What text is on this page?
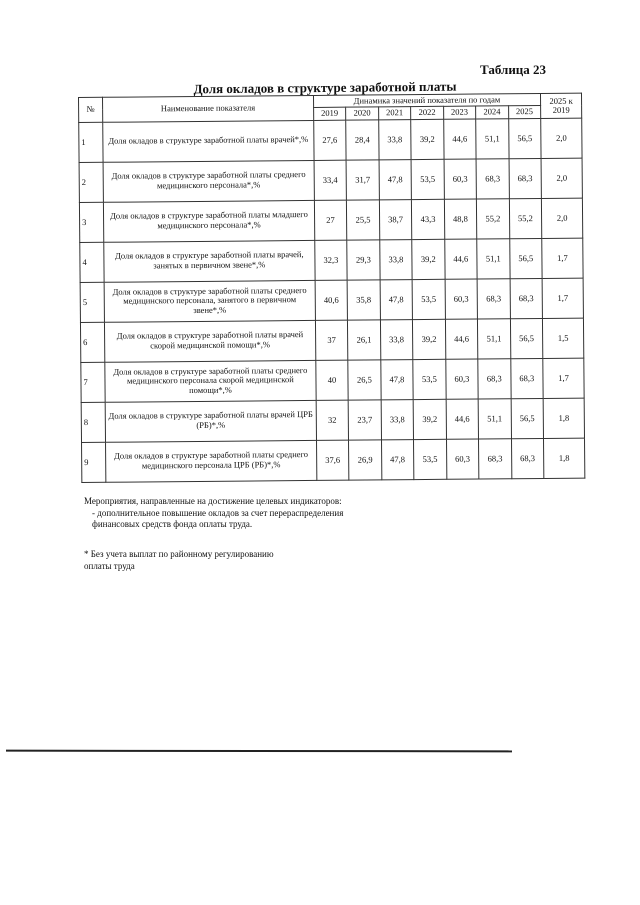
Таблица 23
Доля окладов в структуре заработной платы
№	Наименование показателя	Динамика значений показателя по годам							2025 к 2019
		2019	2020	2021	2022	2023	2024	2025	
1	Доля окладов в структуре заработной платы врачей*,%	27,6	28,4	33,8	39,2	44,6	51,1	56,5	2,0
2	Доля окладов в структуре заработной платы среднего медицинского персонала*,%	33,4	31,7	47,8	53,5	60,3	68,3	68,3	2,0
3	Доля окладов в структуре заработной платы младшего медицинского персонала*,%	27	25,5	38,7	43,3	48,8	55,2	55,2	2,0
4	Доля окладов в структуре заработной платы врачей, занятых в первичном звене*,%	32,3	29,3	33,8	39,2	44,6	51,1	56,5	1,7
5	Доля окладов в структуре заработной платы среднего медицинского персонала, занятого в первичном звене*,%	40,6	35,8	47,8	53,5	60,3	68,3	68,3	1,7
6	Доля окладов в структуре заработной платы врачей скорой медицинской помощи*,%	37	26,1	33,8	39,2	44,6	51,1	56,5	1,5
7	Доля окладов в структуре заработной платы среднего медицинского персонала скорой медицинской помощи*,%	40	26,5	47,8	53,5	60,3	68,3	68,3	1,7
8	Доля окладов в структуре заработной платы врачей ЦРБ (РБ)*,%	32	23,7	33,8	39,2	44,6	51,1	56,5	1,8
9	Доля окладов в структуре заработной платы среднего медицинского персонала ЦРБ (РБ)*,%	37,6	26,9	47,8	53,5	60,3	68,3	68,3	1,8

Мероприятия, направленные на достижение целевых индикаторов:

- дополнительное повышение окладов за счет перераспределения финансовых средств фонда оплаты труда.

* Без учета выплат по районному регулированию оплаты труда
